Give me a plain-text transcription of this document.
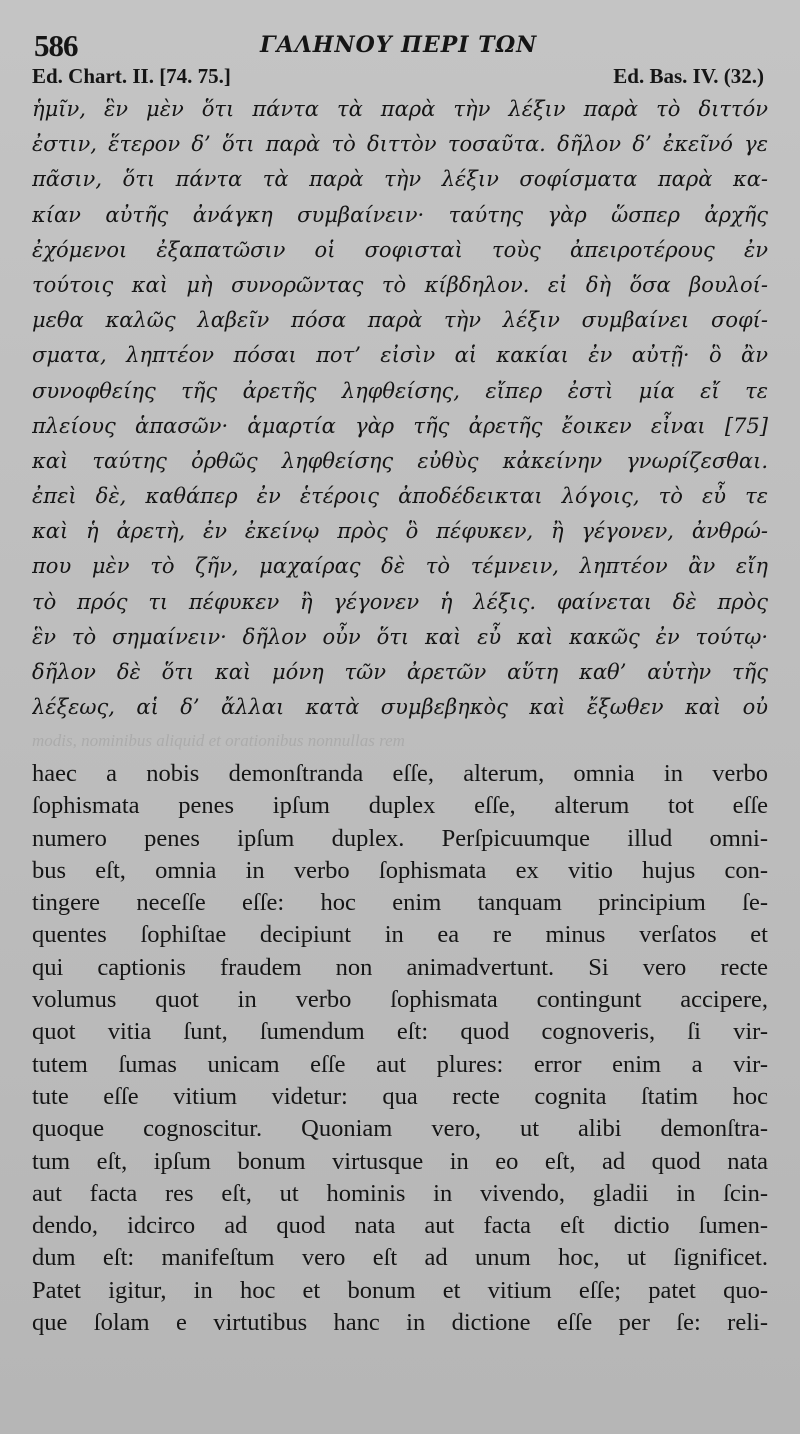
586	ΓΑΛΗΝΟΥ ΠΕΡΙ ΤΩΝ
Ed. Chart. II. [74. 75.]	Ed. Bas. IV. (32.)
ἡμῖν, ἓν μὲν ὅτι πάντα τὰ παρὰ τὴν λέξιν παρὰ τὸ διττόν
ἐστιν, ἕτερον δ’ ὅτι παρὰ τὸ διττὸν τοσαῦτα. δῆλον δ’ ἐκεῖνό γε
πᾶσιν, ὅτι πάντα τὰ παρὰ τὴν λέξιν σοφίσματα παρὰ κα-
κίαν αὐτῆς ἀνάγκη συμβαίνειν· ταύτης γὰρ ὥσπερ ἀρχῆς
ἐχόμενοι ἐξαπατῶσιν οἱ σοφισταὶ τοὺς ἀπειροτέρους ἐν
τούτοις καὶ μὴ συνορῶντας τὸ κίβδηλον. εἰ δὴ ὅσα βουλοί-
μεθα καλῶς λαβεῖν πόσα παρὰ τὴν λέξιν συμβαίνει σοφί-
σματα, ληπτέον πόσαι ποτ’ εἰσὶν αἱ κακίαι ἐν αὐτῇ· ὃ ἂν
συνοφθείης τῆς ἀρετῆς ληφθείσης, εἴπερ ἐστὶ μία εἴ τε
πλείους ἁπασῶν· ἁμαρτία γὰρ τῆς ἀρετῆς ἔοικεν εἶναι [75]
καὶ ταύτης ὀρθῶς ληφθείσης εὐθὺς κἀκείνην γνωρίζεσθαι.
ἐπεὶ δὲ, καθάπερ ἐν ἑτέροις ἀποδέδεικται λόγοις, τὸ εὖ τε
καὶ ἡ ἀρετὴ, ἐν ἐκείνῳ πρὸς ὃ πέφυκεν, ἢ γέγονεν, ἀνθρώ-
που μὲν τὸ ζῆν, μαχαίρας δὲ τὸ τέμνειν, ληπτέον ἂν εἴη
τὸ πρός τι πέφυκεν ἢ γέγονεν ἡ λέξις. φαίνεται δὲ πρὸς
ἓν τὸ σημαίνειν· δῆλον οὖν ὅτι καὶ εὖ καὶ κακῶς ἐν τούτῳ·
δῆλον δὲ ὅτι καὶ μόνη τῶν ἀρετῶν αὕτη καθ’ αὑτὴν τῆς
λέξεως, αἱ δ’ ἄλλαι κατὰ συμβεβηκὸς καὶ ἔξωθεν καὶ οὐ
modis, nominibus aliquid et orationibus nonnullas rem
haec a nobis demonſtranda eſſe, alterum, omnia in verbo
ſophismata penes ipſum duplex eſſe, alterum tot eſſe
numero penes ipſum duplex. Perſpicuumque illud omni-
bus eſt, omnia in verbo ſophismata ex vitio hujus con-
tingere neceſſe eſſe: hoc enim tanquam principium ſe-
quentes ſophiſtae decipiunt in ea re minus verſatos et
qui captionis fraudem non animadvertunt. Si vero recte
volumus quot in verbo ſophismata contingunt accipere,
quot vitia ſunt, ſumendum eſt: quod cognoveris, ſi vir-
tutem ſumas unicam eſſe aut plures: error enim a vir-
tute eſſe vitium videtur: qua recte cognita ſtatim hoc
quoque cognoscitur. Quoniam vero, ut alibi demonſtra-
tum eſt, ipſum bonum virtusque in eo eſt, ad quod nata
aut facta res eſt, ut hominis in vivendo, gladii in ſcin-
dendo, idcirco ad quod nata aut facta eſt dictio ſumen-
dum eſt: manifeſtum vero eſt ad unum hoc, ut ſignificet.
Patet igitur, in hoc et bonum et vitium eſſe; patet quo-
que ſolam e virtutibus hanc in dictione eſſe per ſe: reli-
